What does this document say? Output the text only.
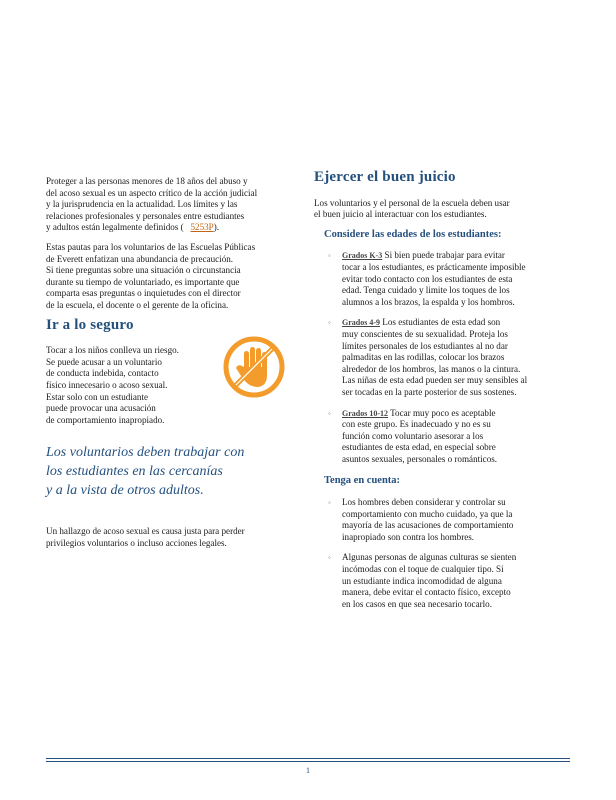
Proteger a las personas menores de 18 años del abuso y
del acoso sexual es un aspecto crítico de la acción judicial
y la jurisprudencia en la actualidad. Los límites y las
relaciones profesionales y personales entre estudiantes
y adultos están legalmente definidos ( 5253P).

Estas pautas para los voluntarios de las Escuelas Públicas
de Everett enfatizan una abundancia de precaución.
Si tiene preguntas sobre una situación o circunstancia
durante su tiempo de voluntariado, es importante que
comparta esas preguntas o inquietudes con el director
de la escuela, el docente o el gerente de la oficina.

Ir a lo seguro
Tocar a los niños conlleva un riesgo.
Se puede acusar a un voluntario
de conducta indebida, contacto
físico innecesario o acoso sexual.
Estar solo con un estudiante
puede provocar una acusación
de comportamiento inapropiado.
Los voluntarios deben trabajar con
los estudiantes en las cercanías
y a la vista de otros adultos.

Un hallazgo de acoso sexual es causa justa para perder
privilegios voluntarios o incluso acciones legales.

Ejercer el buen juicio

Los voluntarios y el personal de la escuela deben usar
el buen juicio al interactuar con los estudiantes.

Considere las edades de los estudiantes:
◦ Grados K-3 Si bien puede trabajar para evitar
tocar a los estudiantes, es prácticamente imposible
evitar todo contacto con los estudiantes de esta
edad. Tenga cuidado y limite los toques de los
alumnos a los brazos, la espalda y los hombros.
◦ Grados 4-9 Los estudiantes de esta edad son
muy conscientes de su sexualidad. Proteja los
límites personales de los estudiantes al no dar
palmaditas en las rodillas, colocar los brazos
alrededor de los hombros, las manos o la cintura.
Las niñas de esta edad pueden ser muy sensibles al
ser tocadas en la parte posterior de sus sostenes.
◦ Grados 10-12 Tocar muy poco es aceptable
con este grupo. Es inadecuado y no es su
función como voluntario asesorar a los
estudiantes de esta edad, en especial sobre
asuntos sexuales, personales o románticos.
Tenga en cuenta:
◦ Los hombres deben considerar y controlar su
comportamiento con mucho cuidado, ya que la
mayoría de las acusaciones de comportamiento
inapropiado son contra los hombres.
◦ Algunas personas de algunas culturas se sienten
incómodas con el toque de cualquier tipo. Si
un estudiante indica incomodidad de alguna
manera, debe evitar el contacto físico, excepto
en los casos en que sea necesario tocarlo.
1
